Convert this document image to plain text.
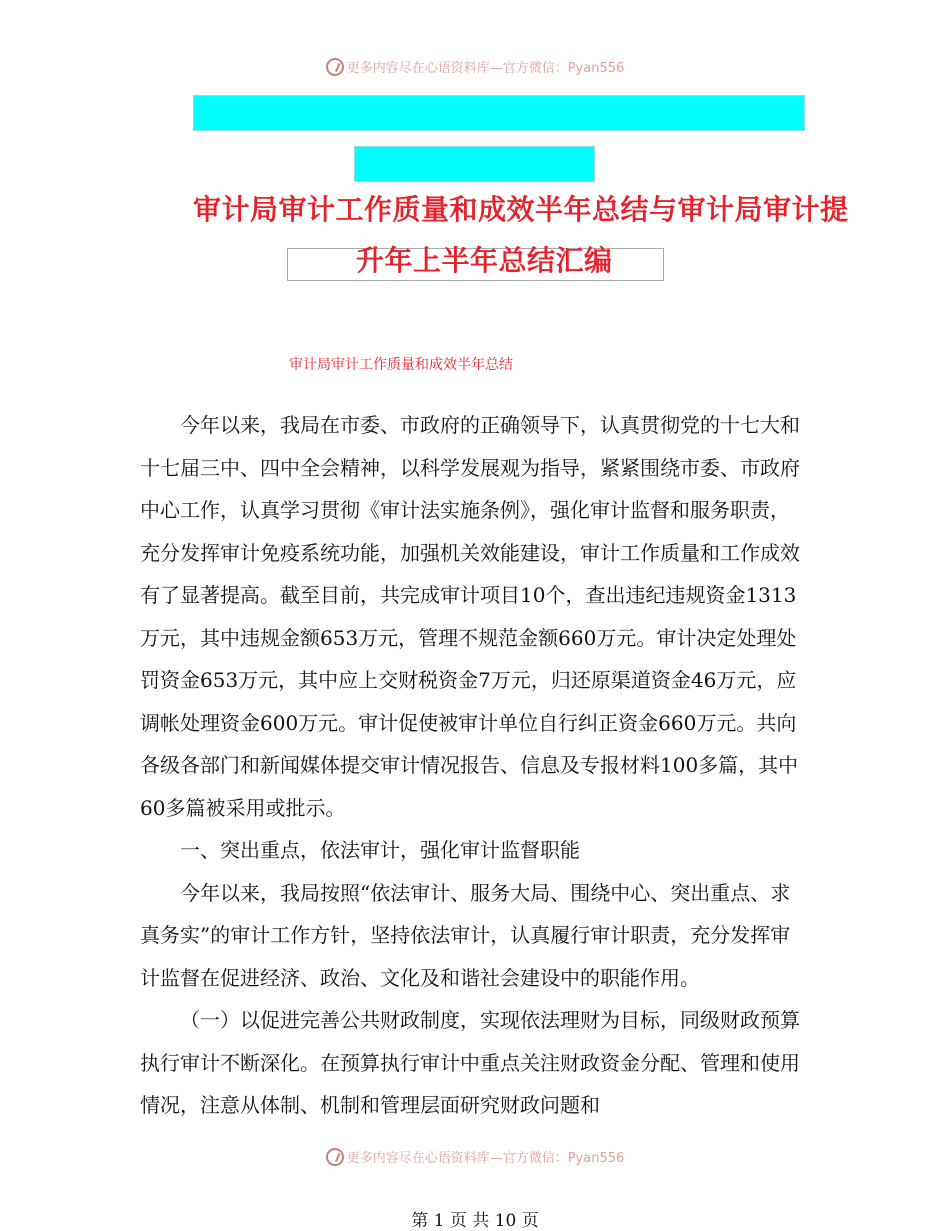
更多内容尽在心语资料库—官方微信：Pyan556
审计局审计工作质量和成效半年总结与审计局审计提
升年上半年总结汇编
审计局审计工作质量和成效半年总结

今年以来，我局在市委、市政府的正确领导下，认真贯彻党的十七大和十七届三中、四中全会精神，以科学发展观为指导，紧紧围绕市委、市政府中心工作，认真学习贯彻《审计法实施条例》，强化审计监督和服务职责，充分发挥审计免疫系统功能，加强机关效能建设，审计工作质量和工作成效有了显著提高。截至目前，共完成审计项目10个，查出违纪违规资金1313万元，其中违规金额653万元，管理不规范金额660万元。审计决定处理处罚资金653万元，其中应上交财税资金7万元，归还原渠道资金46万元，应调帐处理资金600万元。审计促使被审计单位自行纠正资金660万元。共向各级各部门和新闻媒体提交审计情况报告、信息及专报材料100多篇，其中60多篇被采用或批示。

一、突出重点，依法审计，强化审计监督职能

今年以来，我局按照“依法审计、服务大局、围绕中心、突出重点、求真务实”的审计工作方针，坚持依法审计，认真履行审计职责，充分发挥审计监督在促进经济、政治、文化及和谐社会建设中的职能作用。

（一）以促进完善公共财政制度，实现依法理财为目标，同级财政预算执行审计不断深化。在预算执行审计中重点关注财政资金分配、管理和使用情况，注意从体制、机制和管理层面研究财政问题和

更多内容尽在心语资料库—官方微信：Pyan556
第 1 页 共 10 页
